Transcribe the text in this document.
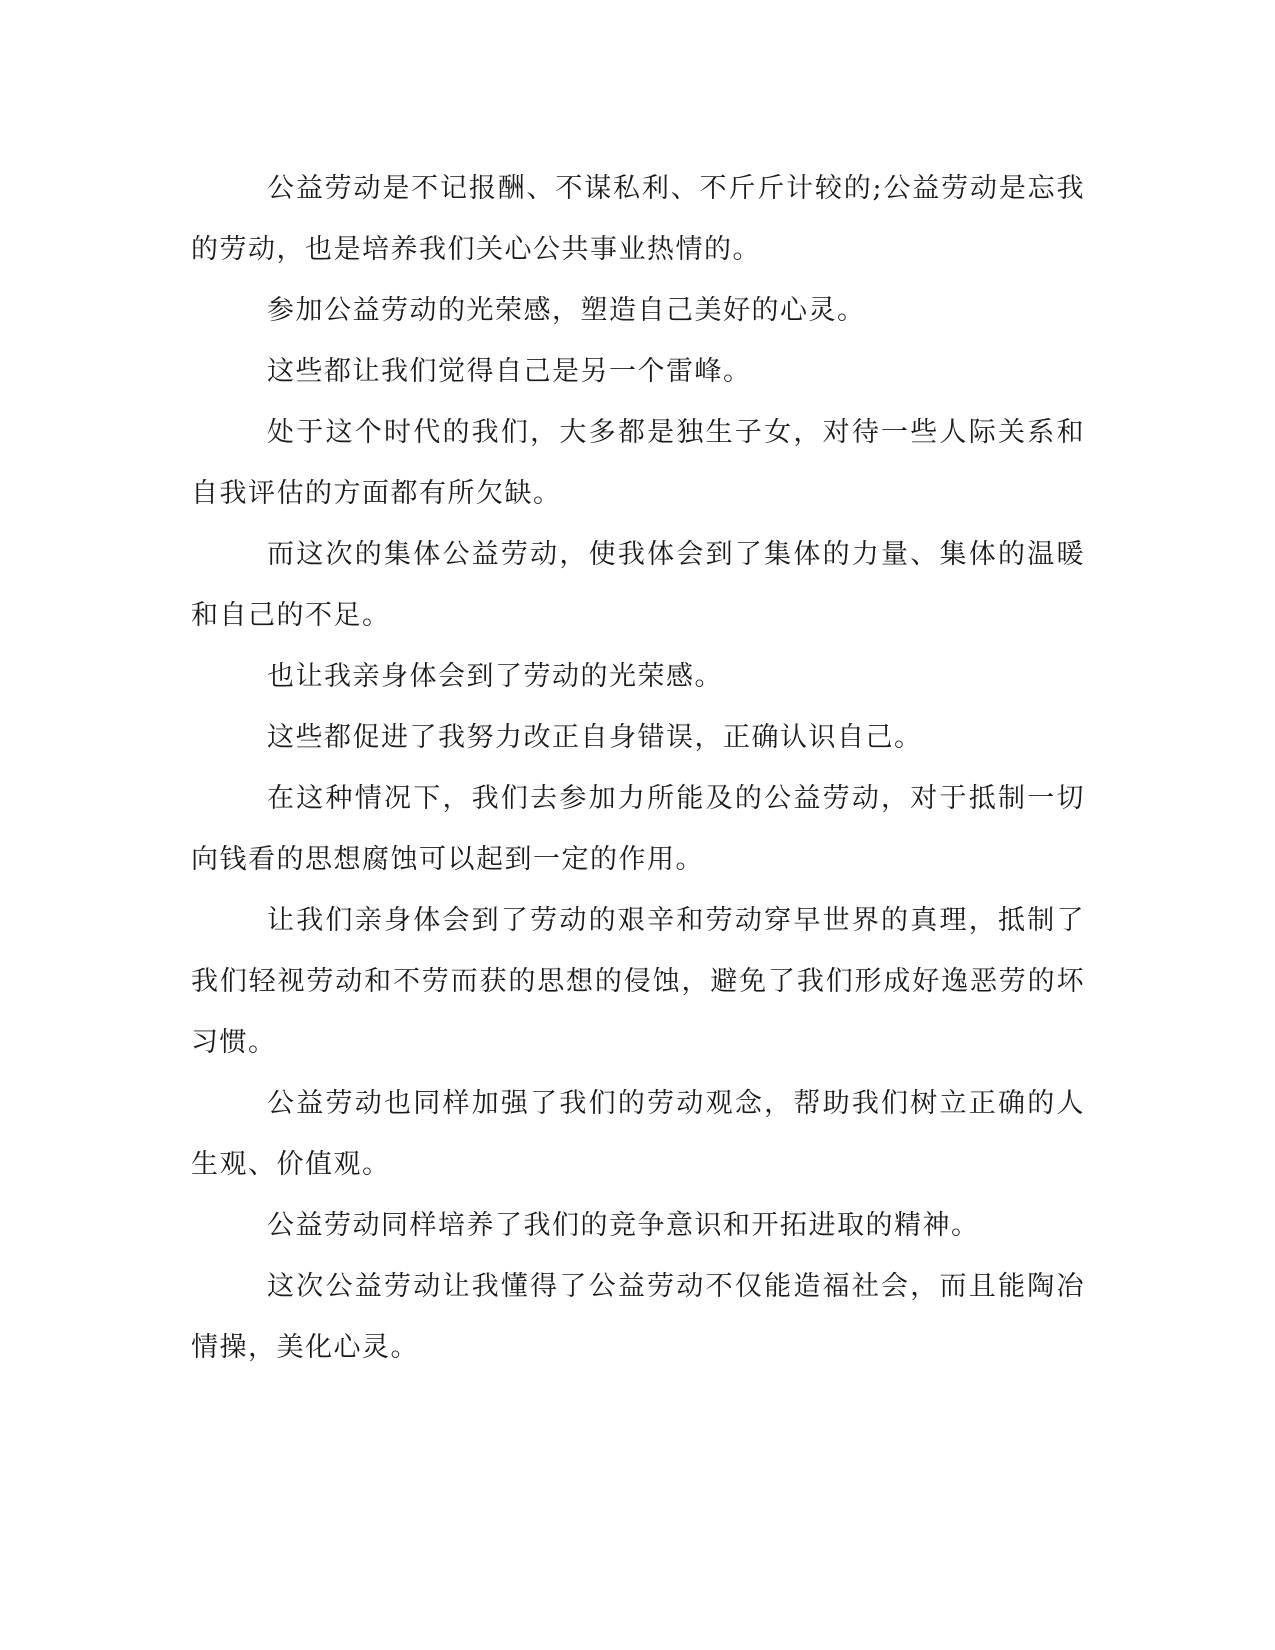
公益劳动是不记报酬、不谋私利、不斤斤计较的;公益劳动是忘我的劳动，也是培养我们关心公共事业热情的。

参加公益劳动的光荣感，塑造自己美好的心灵。

这些都让我们觉得自己是另一个雷峰。

处于这个时代的我们，大多都是独生子女，对待一些人际关系和自我评估的方面都有所欠缺。

而这次的集体公益劳动，使我体会到了集体的力量、集体的温暖和自己的不足。

也让我亲身体会到了劳动的光荣感。

这些都促进了我努力改正自身错误，正确认识自己。

在这种情况下，我们去参加力所能及的公益劳动，对于抵制一切向钱看的思想腐蚀可以起到一定的作用。

让我们亲身体会到了劳动的艰辛和劳动穿早世界的真理，抵制了我们轻视劳动和不劳而获的思想的侵蚀，避免了我们形成好逸恶劳的坏习惯。

公益劳动也同样加强了我们的劳动观念，帮助我们树立正确的人生观、价值观。

公益劳动同样培养了我们的竞争意识和开拓进取的精神。

这次公益劳动让我懂得了公益劳动不仅能造福社会，而且能陶冶情操，美化心灵。
